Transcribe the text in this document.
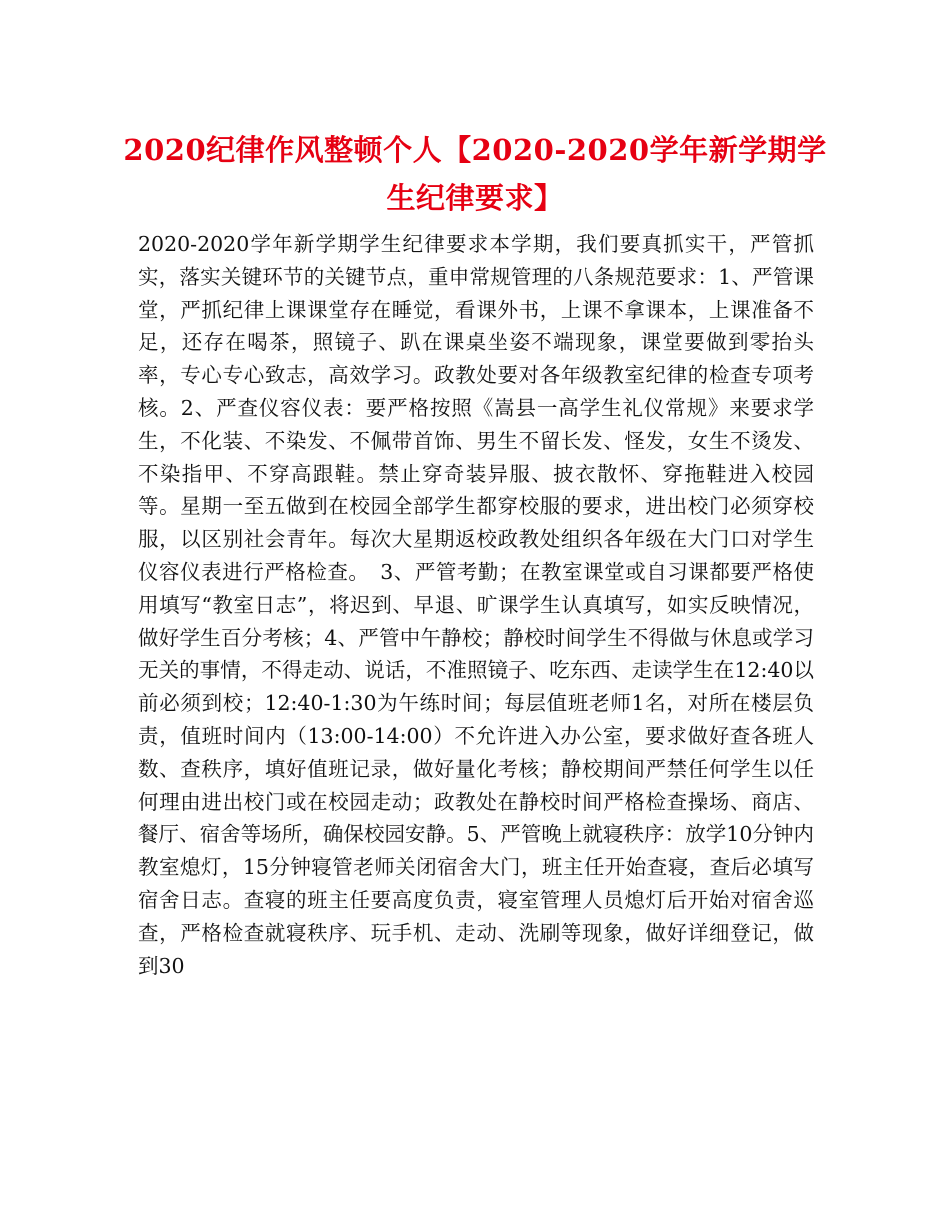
2020纪律作风整顿个人【2020-2020学年新学期学生纪律要求】
2020-2020学年新学期学生纪律要求本学期，我们要真抓实干，严管抓实，落实关键环节的关键节点，重申常规管理的八条规范要求：1、严管课堂，严抓纪律上课课堂存在睡觉，看课外书，上课不拿课本，上课准备不足，还存在喝茶，照镜子、趴在课桌坐姿不端现象，课堂要做到零抬头率，专心专心致志，高效学习。政教处要对各年级教室纪律的检查专项考核。2、严查仪容仪表：要严格按照《嵩县一高学生礼仪常规》来要求学生，不化装、不染发、不佩带首饰、男生不留长发、怪发，女生不烫发、不染指甲、不穿高跟鞋。禁止穿奇装异服、披衣散怀、穿拖鞋进入校园等。星期一至五做到在校园全部学生都穿校服的要求，进出校门必须穿校服，以区别社会青年。每次大星期返校政教处组织各年级在大门口对学生仪容仪表进行严格检查。　3、严管考勤；在教室课堂或自习课都要严格使用填写“教室日志”，将迟到、早退、旷课学生认真填写，如实反映情况，做好学生百分考核；4、严管中午静校；静校时间学生不得做与休息或学习无关的事情，不得走动、说话，不准照镜子、吃东西、走读学生在12:40以前必须到校；12:40-1:30为午练时间；每层值班老师1名，对所在楼层负责，值班时间内（13:00-14:00）不允许进入办公室，要求做好查各班人数、查秩序，填好值班记录，做好量化考核；静校期间严禁任何学生以任何理由进出校门或在校园走动；政教处在静校时间严格检查操场、商店、餐厅、宿舍等场所，确保校园安静。5、严管晚上就寝秩序：放学10分钟内教室熄灯，15分钟寝管老师关闭宿舍大门，班主任开始查寝，查后必填写宿舍日志。查寝的班主任要高度负责，寝室管理人员熄灯后开始对宿舍巡查，严格检查就寝秩序、玩手机、走动、洗刷等现象，做好详细登记，做到30
